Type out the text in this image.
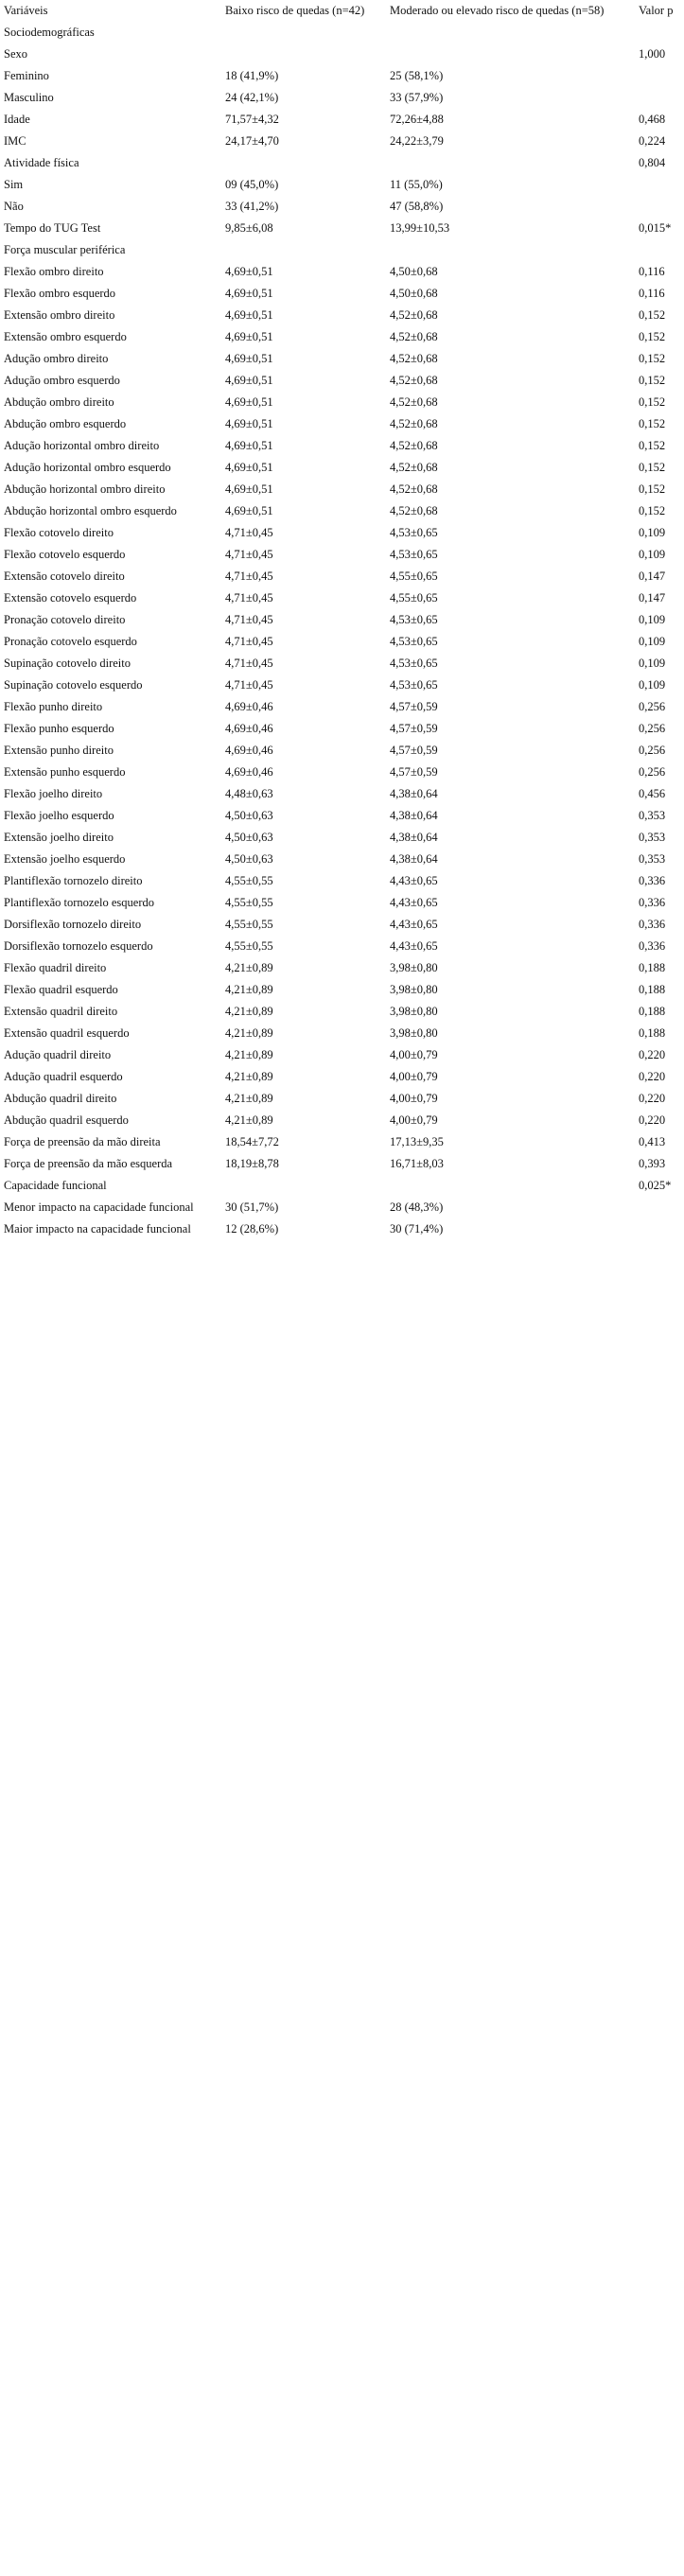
Variáveis	Baixo risco de quedas (n=42)	Moderado ou elevado risco de quedas (n=58)	Valor p
Sociodemográficas			
Sexo			1,000
Feminino	18 (41,9%)	25 (58,1%)	
Masculino	24 (42,1%)	33 (57,9%)	
Idade	71,57±4,32	72,26±4,88	0,468
IMC	24,17±4,70	24,22±3,79	0,224
Atividade física			0,804
Sim	09 (45,0%)	11 (55,0%)	
Não	33 (41,2%)	47 (58,8%)	
Tempo do TUG Test	9,85±6,08	13,99±10,53	0,015*
Força muscular periférica			
Flexão ombro direito	4,69±0,51	4,50±0,68	0,116
Flexão ombro esquerdo	4,69±0,51	4,50±0,68	0,116
Extensão ombro direito	4,69±0,51	4,52±0,68	0,152
Extensão ombro esquerdo	4,69±0,51	4,52±0,68	0,152
Adução ombro direito	4,69±0,51	4,52±0,68	0,152
Adução ombro esquerdo	4,69±0,51	4,52±0,68	0,152
Abdução ombro direito	4,69±0,51	4,52±0,68	0,152
Abdução ombro esquerdo	4,69±0,51	4,52±0,68	0,152
Adução horizontal ombro direito	4,69±0,51	4,52±0,68	0,152
Adução horizontal ombro esquerdo	4,69±0,51	4,52±0,68	0,152
Abdução horizontal ombro direito	4,69±0,51	4,52±0,68	0,152
Abdução horizontal ombro esquerdo	4,69±0,51	4,52±0,68	0,152
Flexão cotovelo direito	4,71±0,45	4,53±0,65	0,109
Flexão cotovelo esquerdo	4,71±0,45	4,53±0,65	0,109
Extensão cotovelo direito	4,71±0,45	4,55±0,65	0,147
Extensão cotovelo esquerdo	4,71±0,45	4,55±0,65	0,147
Pronação cotovelo direito	4,71±0,45	4,53±0,65	0,109
Pronação cotovelo esquerdo	4,71±0,45	4,53±0,65	0,109
Supinação cotovelo direito	4,71±0,45	4,53±0,65	0,109
Supinação cotovelo esquerdo	4,71±0,45	4,53±0,65	0,109
Flexão punho direito	4,69±0,46	4,57±0,59	0,256
Flexão punho esquerdo	4,69±0,46	4,57±0,59	0,256
Extensão punho direito	4,69±0,46	4,57±0,59	0,256
Extensão punho esquerdo	4,69±0,46	4,57±0,59	0,256
Flexão joelho direito	4,48±0,63	4,38±0,64	0,456
Flexão joelho esquerdo	4,50±0,63	4,38±0,64	0,353
Extensão joelho direito	4,50±0,63	4,38±0,64	0,353
Extensão joelho esquerdo	4,50±0,63	4,38±0,64	0,353
Plantiflexão tornozelo direito	4,55±0,55	4,43±0,65	0,336
Plantiflexão tornozelo esquerdo	4,55±0,55	4,43±0,65	0,336
Dorsiflexão tornozelo direito	4,55±0,55	4,43±0,65	0,336
Dorsiflexão tornozelo esquerdo	4,55±0,55	4,43±0,65	0,336
Flexão quadril direito	4,21±0,89	3,98±0,80	0,188
Flexão quadril esquerdo	4,21±0,89	3,98±0,80	0,188
Extensão quadril direito	4,21±0,89	3,98±0,80	0,188
Extensão quadril esquerdo	4,21±0,89	3,98±0,80	0,188
Adução quadril direito	4,21±0,89	4,00±0,79	0,220
Adução quadril esquerdo	4,21±0,89	4,00±0,79	0,220
Abdução quadril direito	4,21±0,89	4,00±0,79	0,220
Abdução quadril esquerdo	4,21±0,89	4,00±0,79	0,220
Força de preensão da mão direita	18,54±7,72	17,13±9,35	0,413
Força de preensão da mão esquerda	18,19±8,78	16,71±8,03	0,393
Capacidade funcional			0,025*
Menor impacto na capacidade funcional	30 (51,7%)	28 (48,3%)	
Maior impacto na capacidade funcional	12 (28,6%)	30 (71,4%)	
